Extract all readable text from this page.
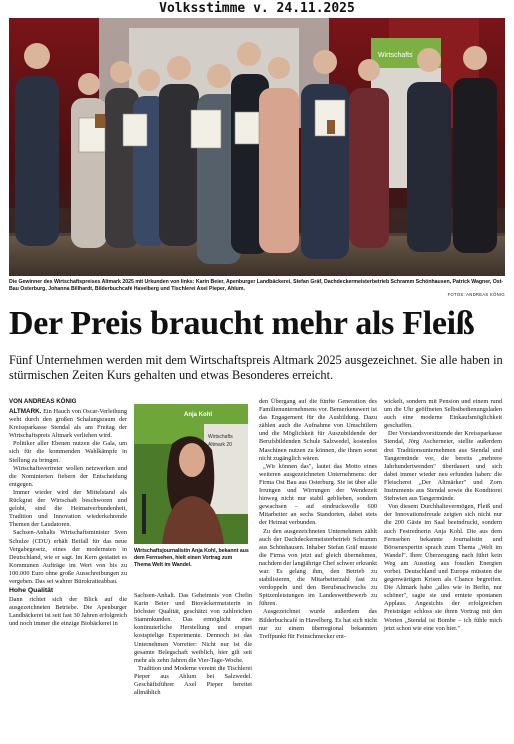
Volksstimme v. 24.11.2025
Wirtschafts
Die Gewinner des Wirtschaftspreises Altmark 2025 mit Urkunden von links: Karin Beier, Apenburger Landbäckerei, Stefan Gräf, Dachdeckermeisterbetrieb Schramm Schönhausen, Patrick Wagner, Ost-Bau Osterburg, Johanna Billhardt, Bilderbuchcafé Havelberg und Tischlerei Axel Pieper, Ahlum.
FOTOS: ANDREAS KÖNIG
Der Preis braucht mehr als Fleiß
Fünf Unternehmen werden mit dem Wirtschaftspreis Altmark 2025 ausgezeichnet. Sie alle haben in stürmischen Zeiten Kurs gehalten und etwas Besonderes erreicht.
VON ANDREAS KÖNIG

ALTMARK. Ein Hauch von Oscar-Verleihung weht durch den großen Schalungsraum der Kreissparkasse Stendal als am Freitag der Wirtschaftspreis Altmark verliehen wird.

Politiker aller Ebenen nutzen die Gala, um sich für die kommenden Wahlkämpfe in Stellung zu bringen.

Wirtschaftsvertreter wollen netzwerken und die Nominierten fiebern der Entscheidung entgegen.

Immer wieder wird der Mittelstand als Rückgrat der Wirtschaft beschworen und gelobt, sind die Heimatverbundenheit, Tradition und Innovation wiederkehrende Themen der Laudatoren.

Sachsen-Anhalts Wirtschaftsminister Sven Schulze (CDU) erhält Beifall für das neue Vergabegesetz, eines der modernsten in Deutschland, wie er sagt. Im Kern gestattet es Kommunen Aufträge im Wert von bis zu 100.000 Euro ohne große Ausschreibungen zu vergeben. Das sei wahrer Bürokratieabbau.

Hohe Qualität

Dann richtet sich der Blick auf die ausgezeichneten Betriebe. Die Apenburger Landbäckerei ist seit fast 30 Jahren erfolgreich und noch immer die einzige Biobäckerei in

Anja Kohl
Wirtschafts
Altmark 20
Wirtschaftsjournalistin Anja Kohl, bekannt aus dem Fernsehen, hielt einen Vortrag zum Thema Welt im Wandel.

Sachsen-Anhalt. Das Geheimnis von Chefin Karin Beier und Bioväckermeisterin in höchster Qualität, geschätzt von zahlreichen Stammkunden. Das ermöglicht eine kontinuierliche Herstellung und erspart kostspielige Experimente. Dennoch ist das Unternehmen Vorreiter: Nicht nur ist die gesamte Belegschaft weiblich, hier gilt seit mehr als zehn Jahren die Vier-Tage-Woche.

Tradition und Moderne vereint die Tischlerei Pieper aus Ahlum bei Salzwedel. Geschäftsführer Axel Pieper bereitet allmählich

den Übergang auf die fünfte Generation des Familienunternehmens vor. Bemerkenswert ist das Engagement für die Ausbildung. Dazu zählen auch die Aufnahme von Umschülern und die Möglichkeit für Auszubildende der Berufsbildenden Schule Salzwedel, kostenlos Maschinen nutzen zu können, die ihnen sonst nicht zugänglich wären.

„Wir können das", lautet das Motto eines weiteren ausgezeichneten Unternehmens: der Firma Ost Bau aus Osterburg. Sie ist über alle Irrungen und Wirrungen der Wendezeit hinweg nicht nur stabil geblieben, sondern gewachsen – auf eindrucksvolle 600 Mitarbeiter an sechs Standorten, dabei stets der Heimat verbunden.

Zu den ausgezeichneten Unternehmen zählt auch der Dachdeckermeisterbetrieb Schramm aus Schönhausen. Inhaber Stefan Gräf musste die Firma von jetzt auf gleich übernehmen, nachdem der langjährige Chef schwer erkrankt war. Es gelang ihm, den Betrieb zu stabilisieren, die Mitarbeiterzahl fast zu verdoppeln und den Berufsnachwuchs zu Spitzenleistungen im Landeswettbewerb zu führen.

Ausgezeichnet wurde außerdem das Bilderbuchcafé in Havelberg. Es hat sich nicht nur zu einem überregional bekannten Treffpunkt für Feinschmecker ent-

wickelt, sondern mit Pension und einem rund um die Uhr geöffneten Selbstbedienungsladen auch eine moderne Einkaufsmöglichkeit geschaffen.

Der Vorstandsvorsitzende der Kreissparkasse Stendal, Jörg Ascherneier, stellte außerdem drei Traditionsunternehmen aus Stendal und Tangermünde vor, die bereits „mehrere Jahrhundertwenden" überdauert und sich dabei immer wieder neu erfunden haben: die Fleischerei „Der Altmärker" und Zorn Instruments aus Stendal sowie die Konditorei Stehwien aus Tangermünde.

Von diesem Durchhaltevermögen, Fleiß und der Innovationsfreude zeigten sich nicht nur die 200 Gäste im Saal beeindruckt, sondern auch Festrednerin Anja Kohl. Die aus dem Fernsehen bekannte Journalistin und Börsenexpertin sprach zum Thema „Welt im Wandel". Ihrer Überzeugung nach führt kein Weg am Ausstieg aus fossilen Energien vorbei. Deutschland und Europa müssten die gegenwärtigen Krisen als Chance begreifen. Die Altmark habe „alles wie in Berlin, nur schöner", sagte sie und erntete spontanen Applaus. Angesichts der erfolgreichen Preisträger schloss sie ihren Vortrag mit den Worten „Stendal ist Bombe – ich fühle mich jetzt schon wie eine von hier."
